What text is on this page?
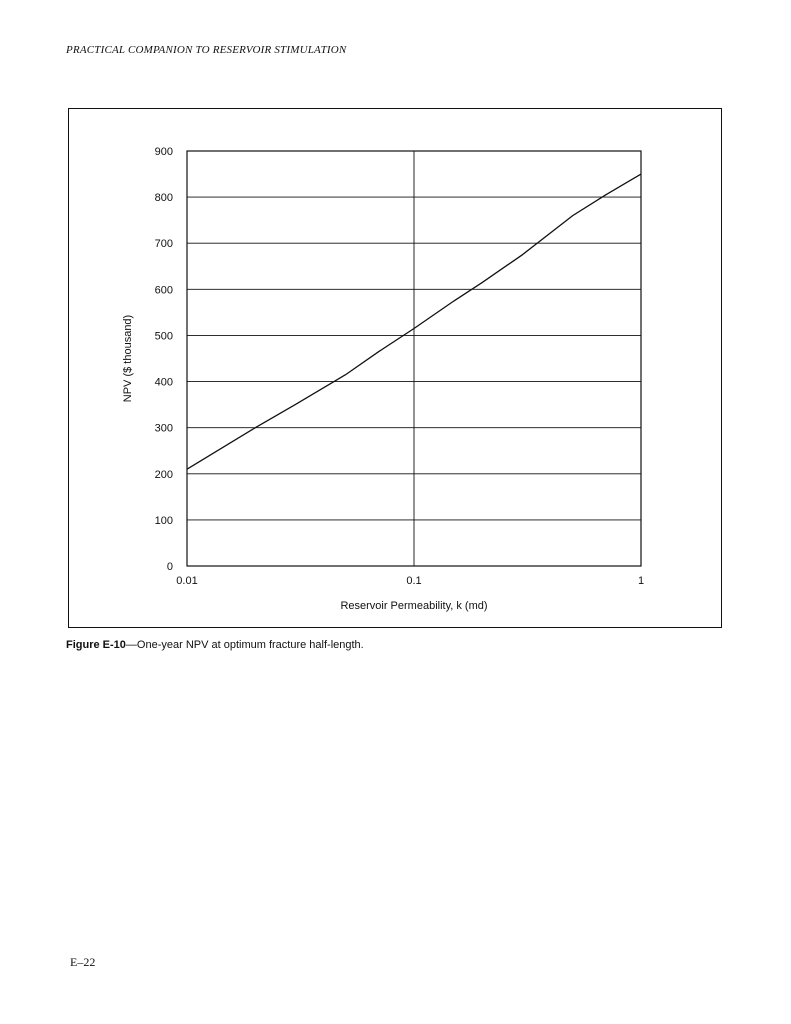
PRACTICAL COMPANION TO RESERVOIR STIMULATION
0
100
200
300
400
500
600
700
800
900
0.01	0.1	1
Reservoir Permeability, k (md)
NPV ($ thousand)
Figure E-10—One-year NPV at optimum fracture half-length.
E–22
